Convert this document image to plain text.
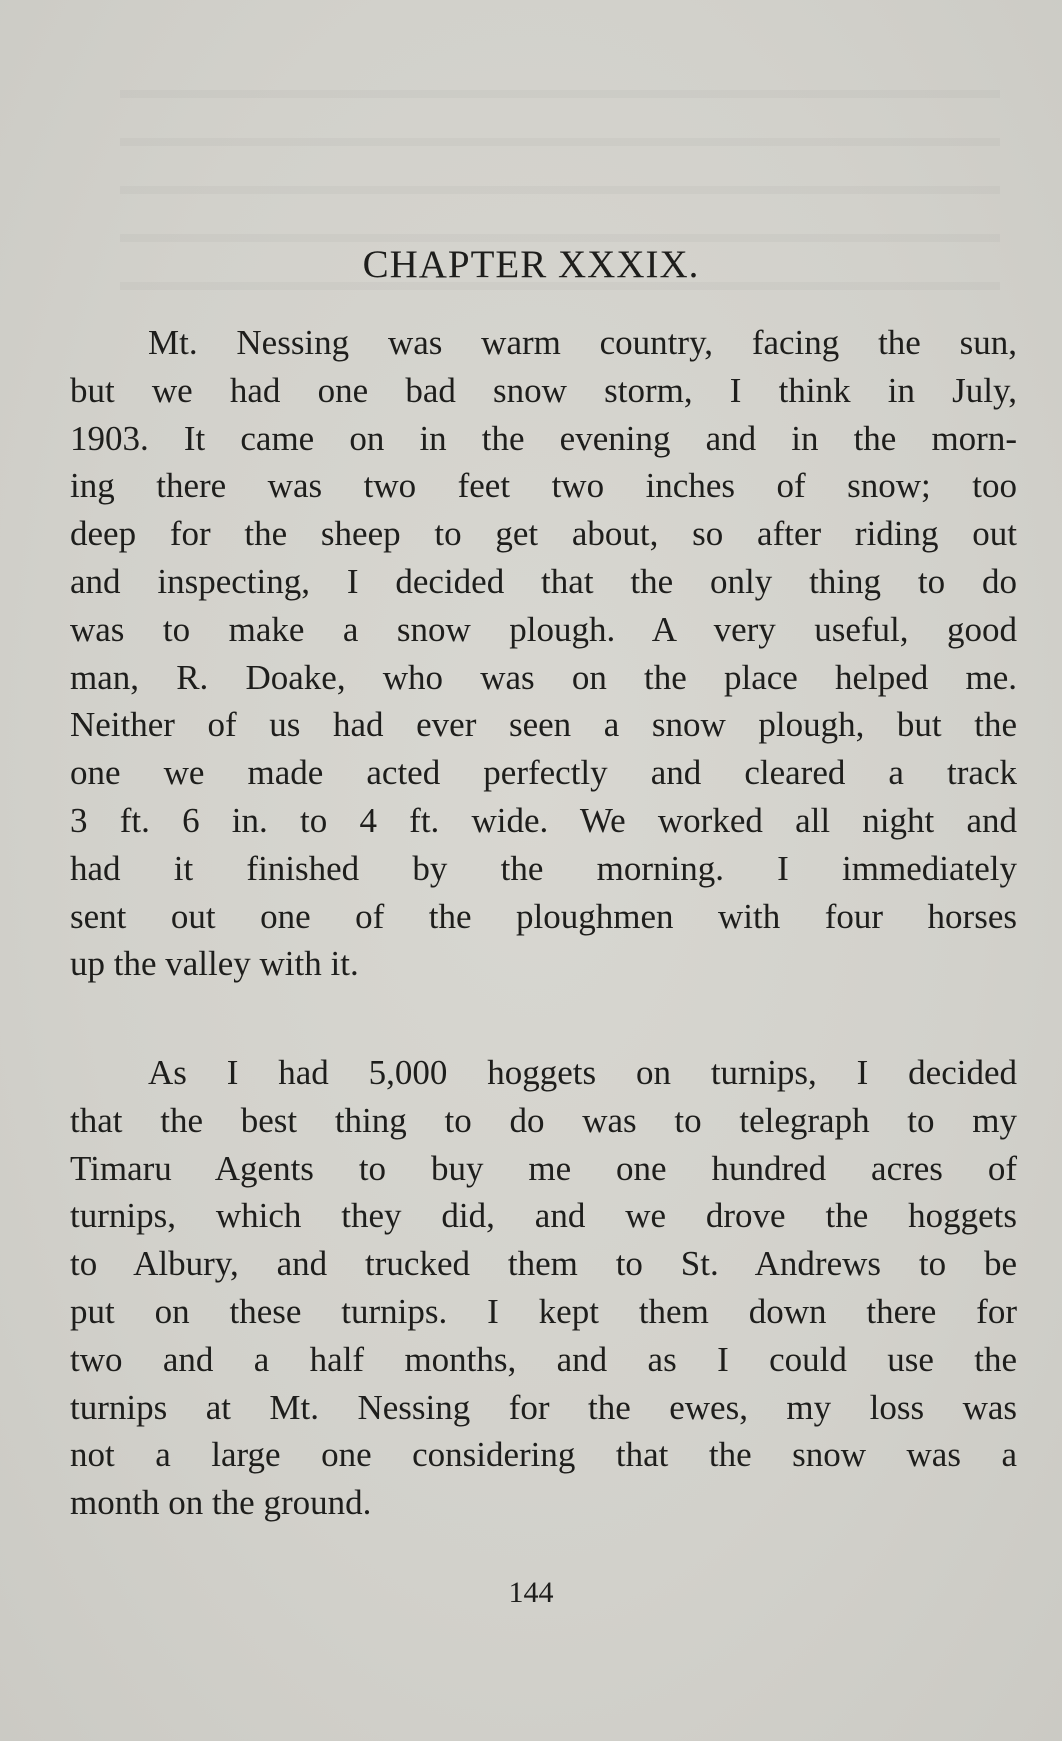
CHAPTER XXXIX.
Mt. Nessing was warm country, facing the sun,
but we had one bad snow storm, I think in July,
1903. It came on in the evening and in the morn-
ing there was two feet two inches of snow; too
deep for the sheep to get about, so after riding out
and inspecting, I decided that the only thing to do
was to make a snow plough. A very useful, good
man, R. Doake, who was on the place helped me.
Neither of us had ever seen a snow plough, but the
one we made acted perfectly and cleared a track
3 ft. 6 in. to 4 ft. wide. We worked all night and
had it finished by the morning. I immediately
sent out one of the ploughmen with four horses
up the valley with it.
As I had 5,000 hoggets on turnips, I decided
that the best thing to do was to telegraph to my
Timaru Agents to buy me one hundred acres of
turnips, which they did, and we drove the hoggets
to Albury, and trucked them to St. Andrews to be
put on these turnips. I kept them down there for
two and a half months, and as I could use the
turnips at Mt. Nessing for the ewes, my loss was
not a large one considering that the snow was a
month on the ground.
144
